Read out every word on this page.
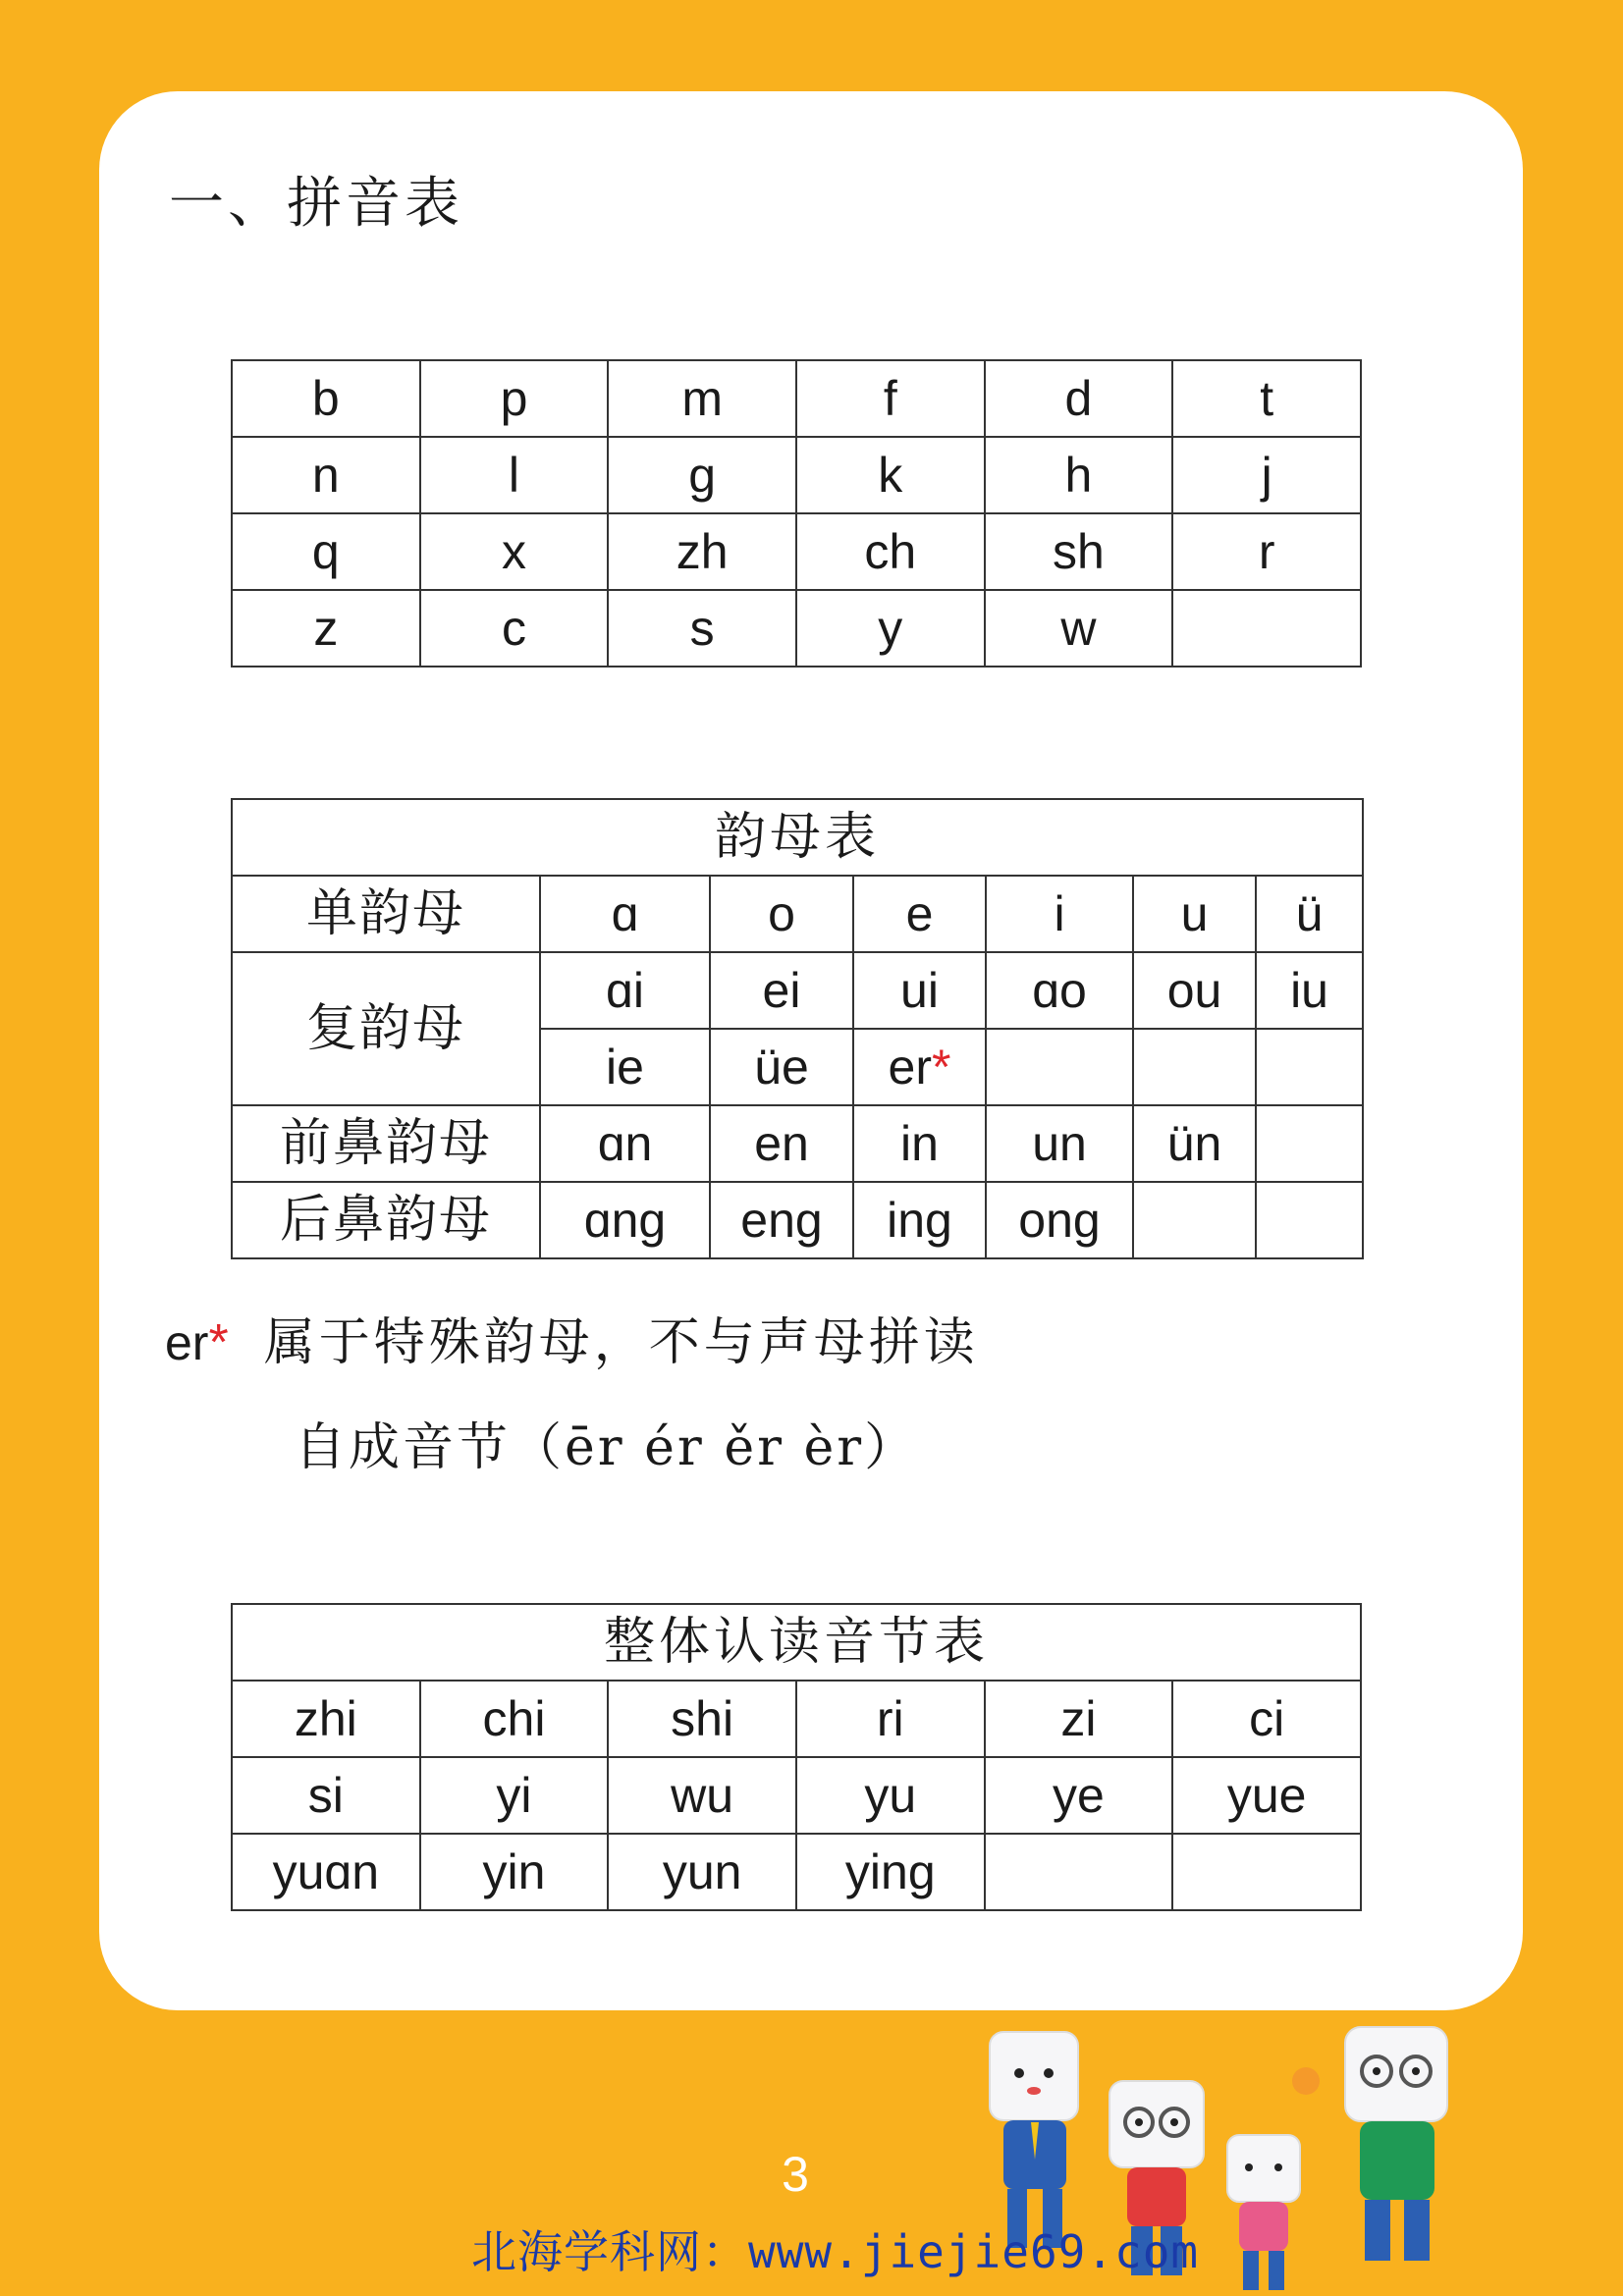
一、拼音表
b	p	m	f	d	t
n	l	g	k	h	j
q	x	zh	ch	sh	r
z	c	s	y	w	
韵母表						
单韵母	ɑ	o	e	i	u	ü
复韵母	ɑi	ei	ui	ɑo	ou	iu
	ie	üe	er*			
前鼻韵母	ɑn	en	in	un	ün	
后鼻韵母	ɑng	eng	ing	ong		
er* 属于特殊韵母，不与声母拼读
自成音节（ēr ér ěr èr）
整体认读音节表					
zhi	chi	shi	ri	zi	ci
si	yi	wu	yu	ye	yue
yuɑn	yin	yun	ying		
3
北海学科网：www.jiejie69.com
